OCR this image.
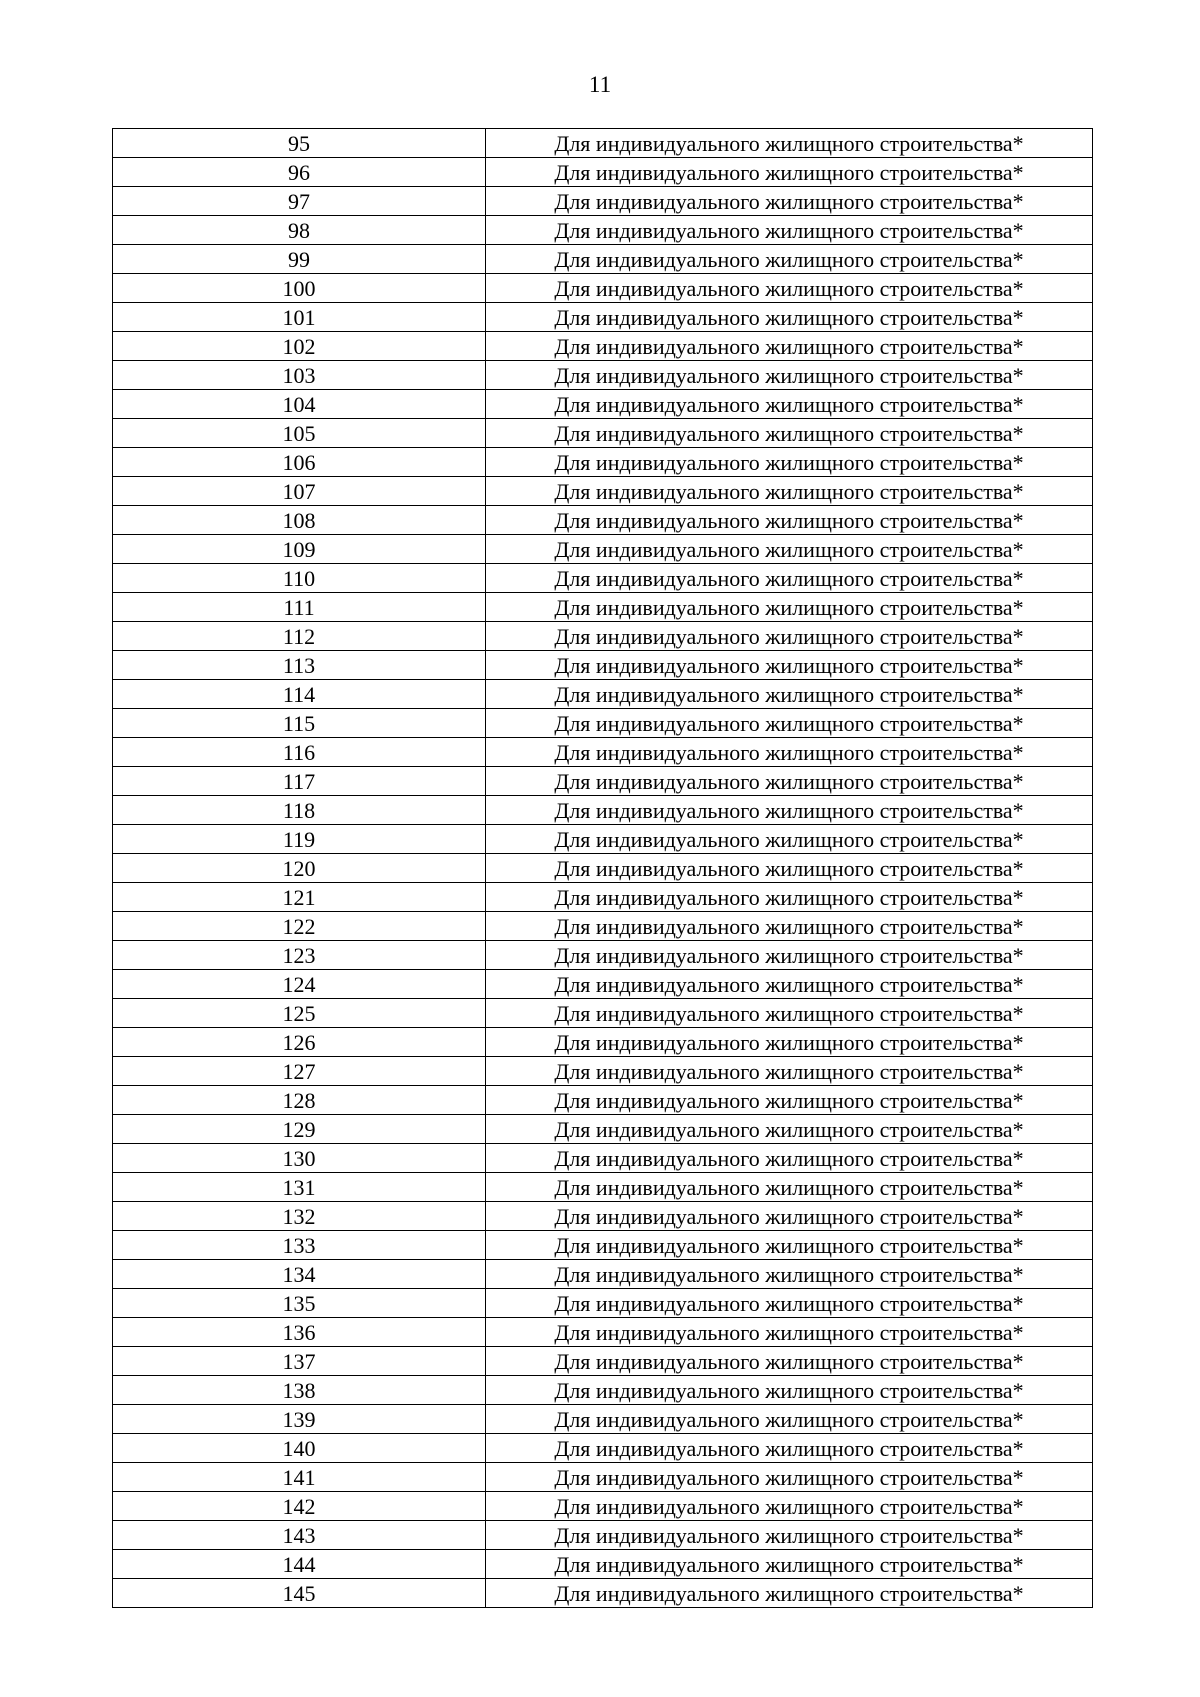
11
95	Для индивидуального жилищного строительства*
96	Для индивидуального жилищного строительства*
97	Для индивидуального жилищного строительства*
98	Для индивидуального жилищного строительства*
99	Для индивидуального жилищного строительства*
100	Для индивидуального жилищного строительства*
101	Для индивидуального жилищного строительства*
102	Для индивидуального жилищного строительства*
103	Для индивидуального жилищного строительства*
104	Для индивидуального жилищного строительства*
105	Для индивидуального жилищного строительства*
106	Для индивидуального жилищного строительства*
107	Для индивидуального жилищного строительства*
108	Для индивидуального жилищного строительства*
109	Для индивидуального жилищного строительства*
110	Для индивидуального жилищного строительства*
111	Для индивидуального жилищного строительства*
112	Для индивидуального жилищного строительства*
113	Для индивидуального жилищного строительства*
114	Для индивидуального жилищного строительства*
115	Для индивидуального жилищного строительства*
116	Для индивидуального жилищного строительства*
117	Для индивидуального жилищного строительства*
118	Для индивидуального жилищного строительства*
119	Для индивидуального жилищного строительства*
120	Для индивидуального жилищного строительства*
121	Для индивидуального жилищного строительства*
122	Для индивидуального жилищного строительства*
123	Для индивидуального жилищного строительства*
124	Для индивидуального жилищного строительства*
125	Для индивидуального жилищного строительства*
126	Для индивидуального жилищного строительства*
127	Для индивидуального жилищного строительства*
128	Для индивидуального жилищного строительства*
129	Для индивидуального жилищного строительства*
130	Для индивидуального жилищного строительства*
131	Для индивидуального жилищного строительства*
132	Для индивидуального жилищного строительства*
133	Для индивидуального жилищного строительства*
134	Для индивидуального жилищного строительства*
135	Для индивидуального жилищного строительства*
136	Для индивидуального жилищного строительства*
137	Для индивидуального жилищного строительства*
138	Для индивидуального жилищного строительства*
139	Для индивидуального жилищного строительства*
140	Для индивидуального жилищного строительства*
141	Для индивидуального жилищного строительства*
142	Для индивидуального жилищного строительства*
143	Для индивидуального жилищного строительства*
144	Для индивидуального жилищного строительства*
145	Для индивидуального жилищного строительства*
